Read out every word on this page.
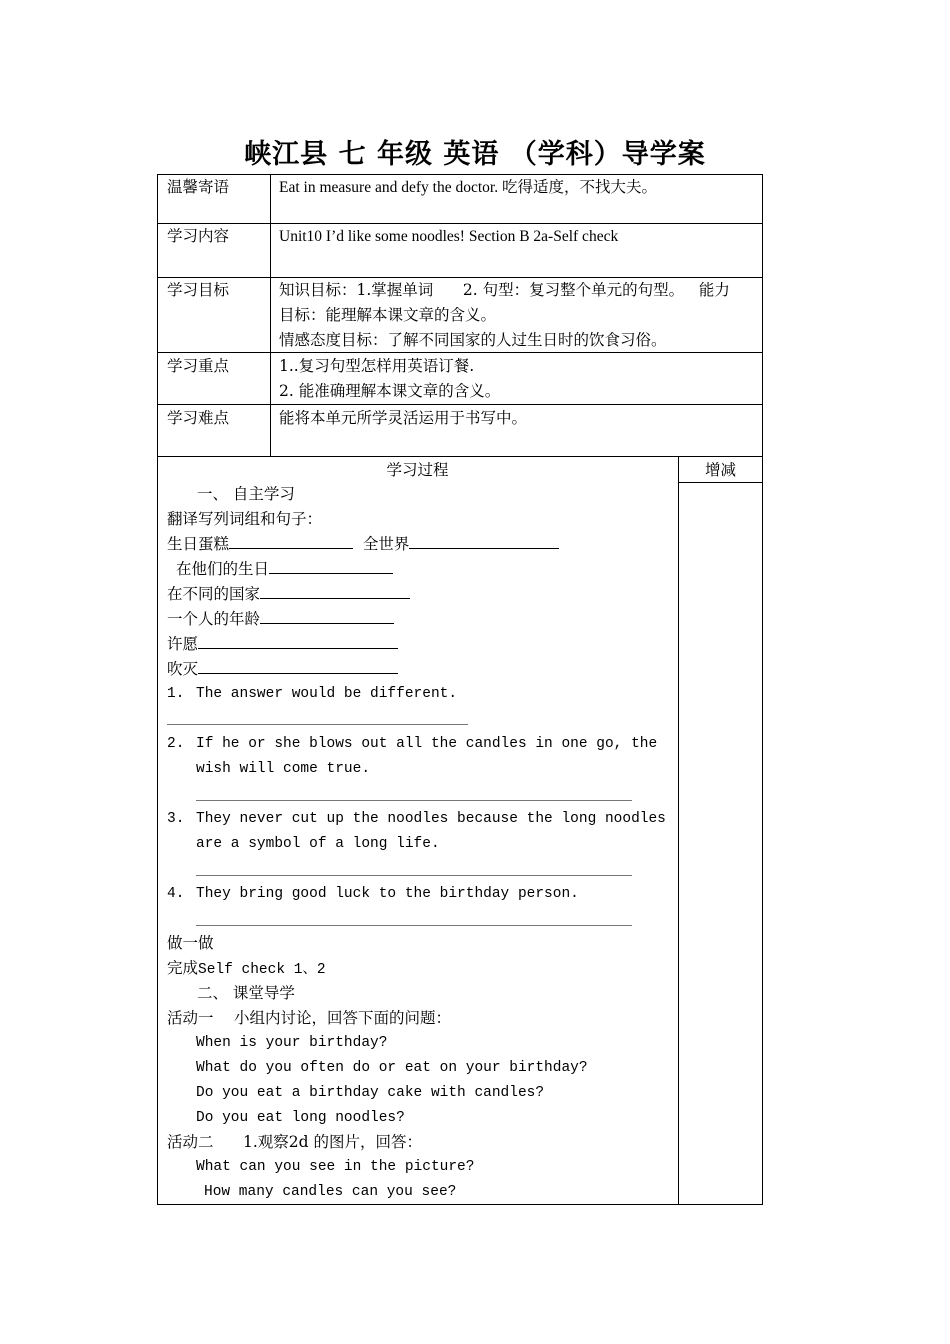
峡江县 七 年级 英语 （学科）导学案
温馨寄语	Eat in measure and defy the doctor. 吃得适度，不找大夫。
学习内容	Unit10 I’d like some noodles! Section B 2a-Self check
学习目标	知识目标：1.掌握单词      2. 句型：复习整个单元的句型。   能力
目标：能理解本课文章的含义。
情感态度目标：了解不同国家的人过生日时的饮食习俗。
学习重点	1..复习句型怎样用英语订餐.
2. 能准确理解本课文章的含义。
学习难点	能将本单元所学灵活运用于书写中。
学习过程	增减
一、 自主学习
翻译写列词组和句子：
生日蛋糕	全世界
在他们的生日
在不同的国家
一个人的年龄
许愿
吹灭
1. The answer would be different.
2. If he or she blows out all the candles in one go, the
wish will come true.
3. They never cut up the noodles because the long noodles
are a symbol of a long life.
4. They bring good luck to the birthday person.
做一做
完成Self check 1、2
二、 课堂导学
活动一 小组内讨论，回答下面的问题：
When is your birthday?
What do you often do or eat on your birthday?
Do you eat a birthday cake with candles?
Do you eat long noodles?
活动二 1.观察2d 的图片，回答：
What can you see in the picture?
How many candles can you see?
